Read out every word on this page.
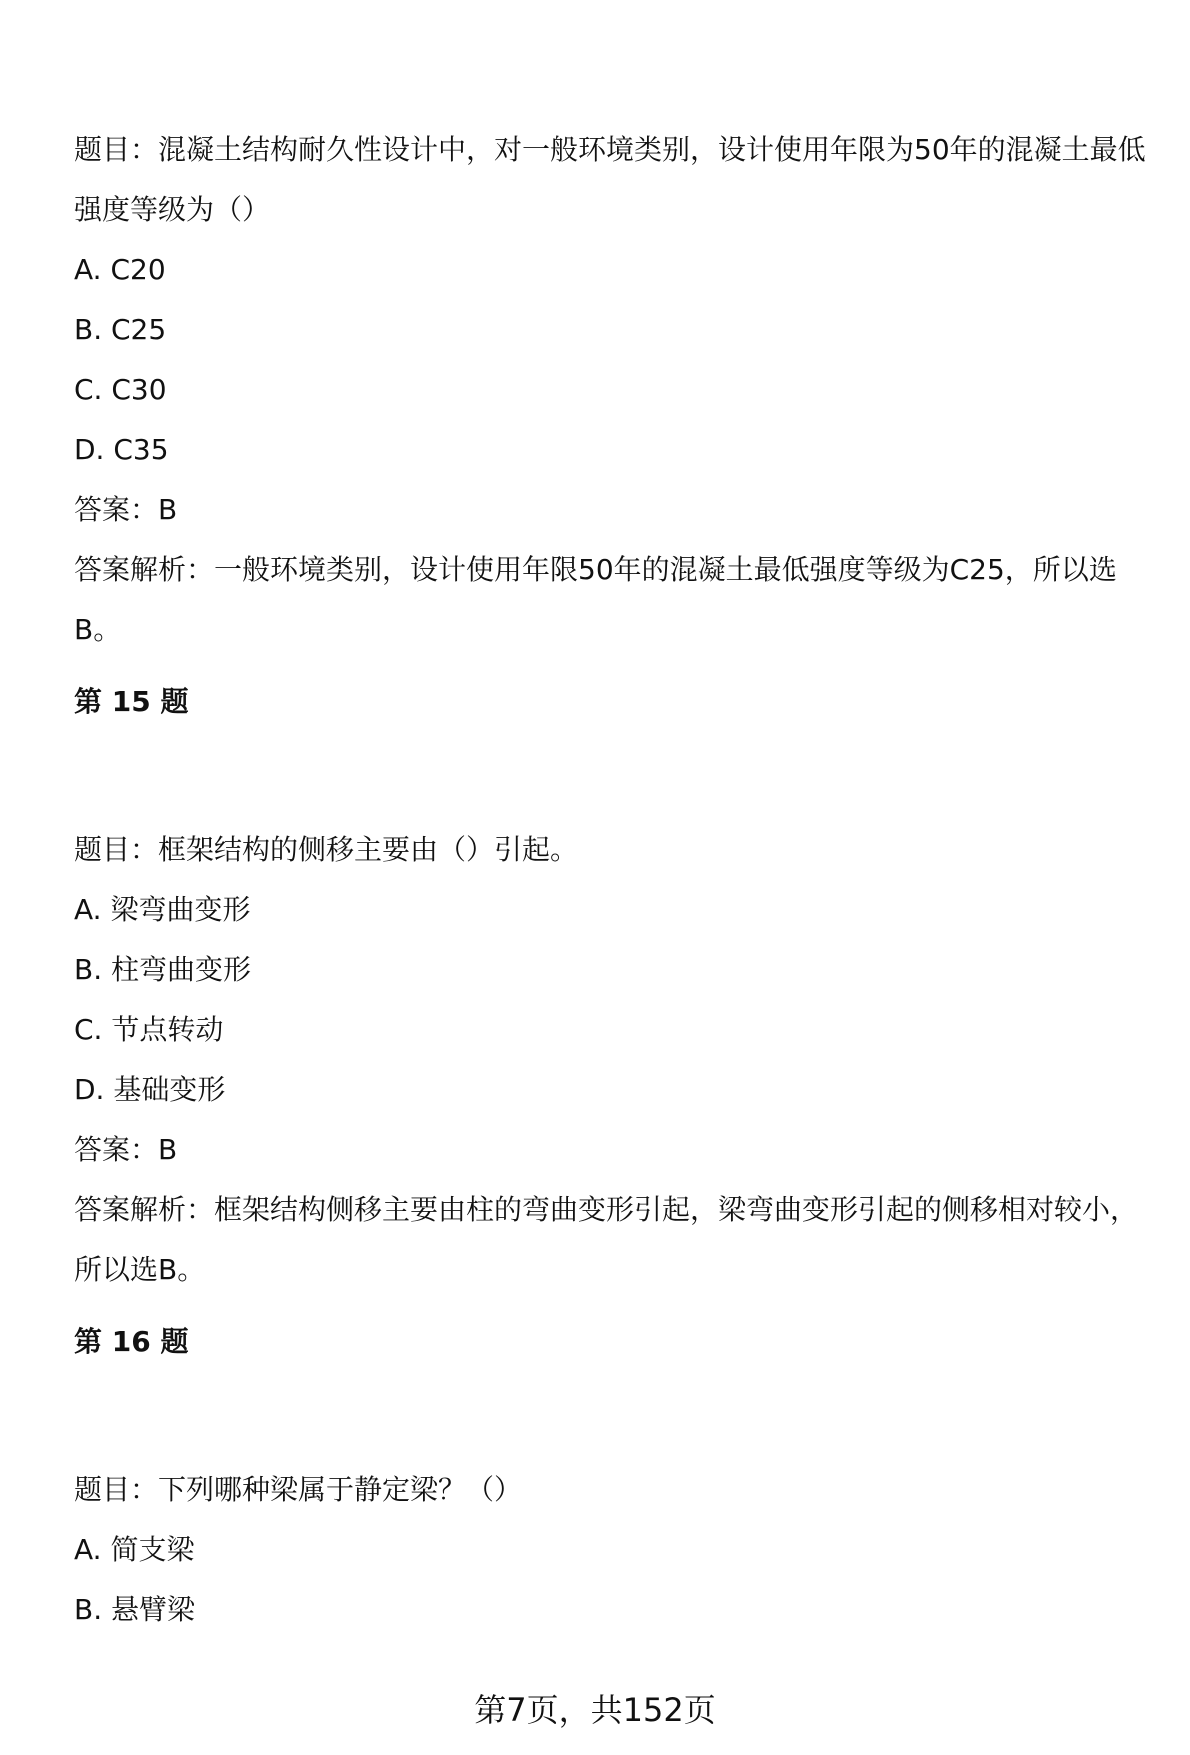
题目：混凝土结构耐久性设计中，对一般环境类别，设计使用年限为50年的混凝土最低强度等级为（）

A. C20

B. C25

C. C30

D. C35

答案：B

答案解析：一般环境类别，设计使用年限50年的混凝土最低强度等级为C25，所以选B。

第 15 题

题目：框架结构的侧移主要由（）引起。

A. 梁弯曲变形

B. 柱弯曲变形

C. 节点转动

D. 基础变形

答案：B

答案解析：框架结构侧移主要由柱的弯曲变形引起，梁弯曲变形引起的侧移相对较小，所以选B。

第 16 题

题目：下列哪种梁属于静定梁？（）

A. 简支梁

B. 悬臂梁

第7页，共152页
